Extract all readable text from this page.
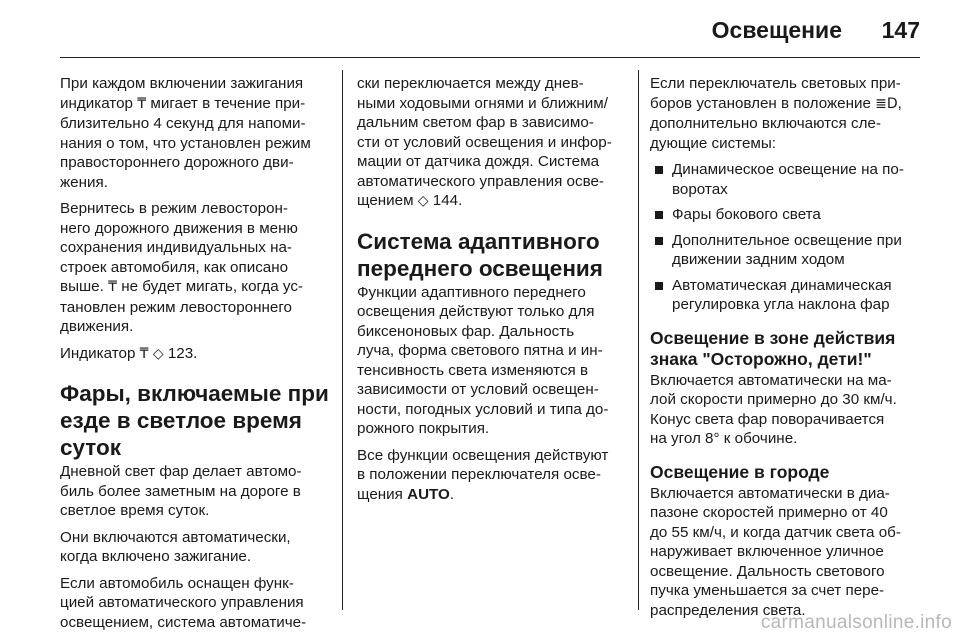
Освещение 147

При каждом включении зажигания
индикатор ₸ мигает в течение при-
близительно 4 секунд для напоми-
нания о том, что установлен режим
правостороннего дорожного дви-
жения.

Вернитесь в режим левосторон-
него дорожного движения в меню
сохранения индивидуальных на-
строек автомобиля, как описано
выше. ₸ не будет мигать, когда ус-
тановлен режим левостороннего
движения.

Индикатор ₸ ◇ 123.

Фары, включаемые при
езде в светлое время
суток

Дневной свет фар делает автомо-
биль более заметным на дороге в
светлое время суток.

Они включаются автоматически,
когда включено зажигание.

Если автомобиль оснащен функ-
цией автоматического управления
освещением, система автоматиче-

ски переключается между днев-
ными ходовыми огнями и ближним/
дальним светом фар в зависимо-
сти от условий освещения и инфор-
мации от датчика дождя. Система
автоматического управления осве-
щением ◇ 144.

Система адаптивного
переднего освещения

Функции адаптивного переднего
освещения действуют только для
биксеноновых фар. Дальность
луча, форма светового пятна и ин-
тенсивность света изменяются в
зависимости от условий освещен-
ности, погодных условий и типа до-
рожного покрытия.

Все функции освещения действуют
в положении переключателя осве-
щения AUTO.

Если переключатель световых при-
боров установлен в положение ≣D,
дополнительно включаются сле-
дующие системы:

Динамическое освещение на по-
воротах
Фары бокового света
Дополнительное освещение при
движении задним ходом
Автоматическая динамическая
регулировка угла наклона фар
Освещение в зоне действия
знака "Осторожно, дети!"

Включается автоматически на ма-
лой скорости примерно до 30 км/ч.
Конус света фар поворачивается
на угол 8° к обочине.

Освещение в городе

Включается автоматически в диа-
пазоне скоростей примерно от 40
до 55 км/ч, и когда датчик света об-
наруживает включенное уличное
освещение. Дальность светового
пучка уменьшается за счет пере-
распределения света.

carmanualsonline.info
